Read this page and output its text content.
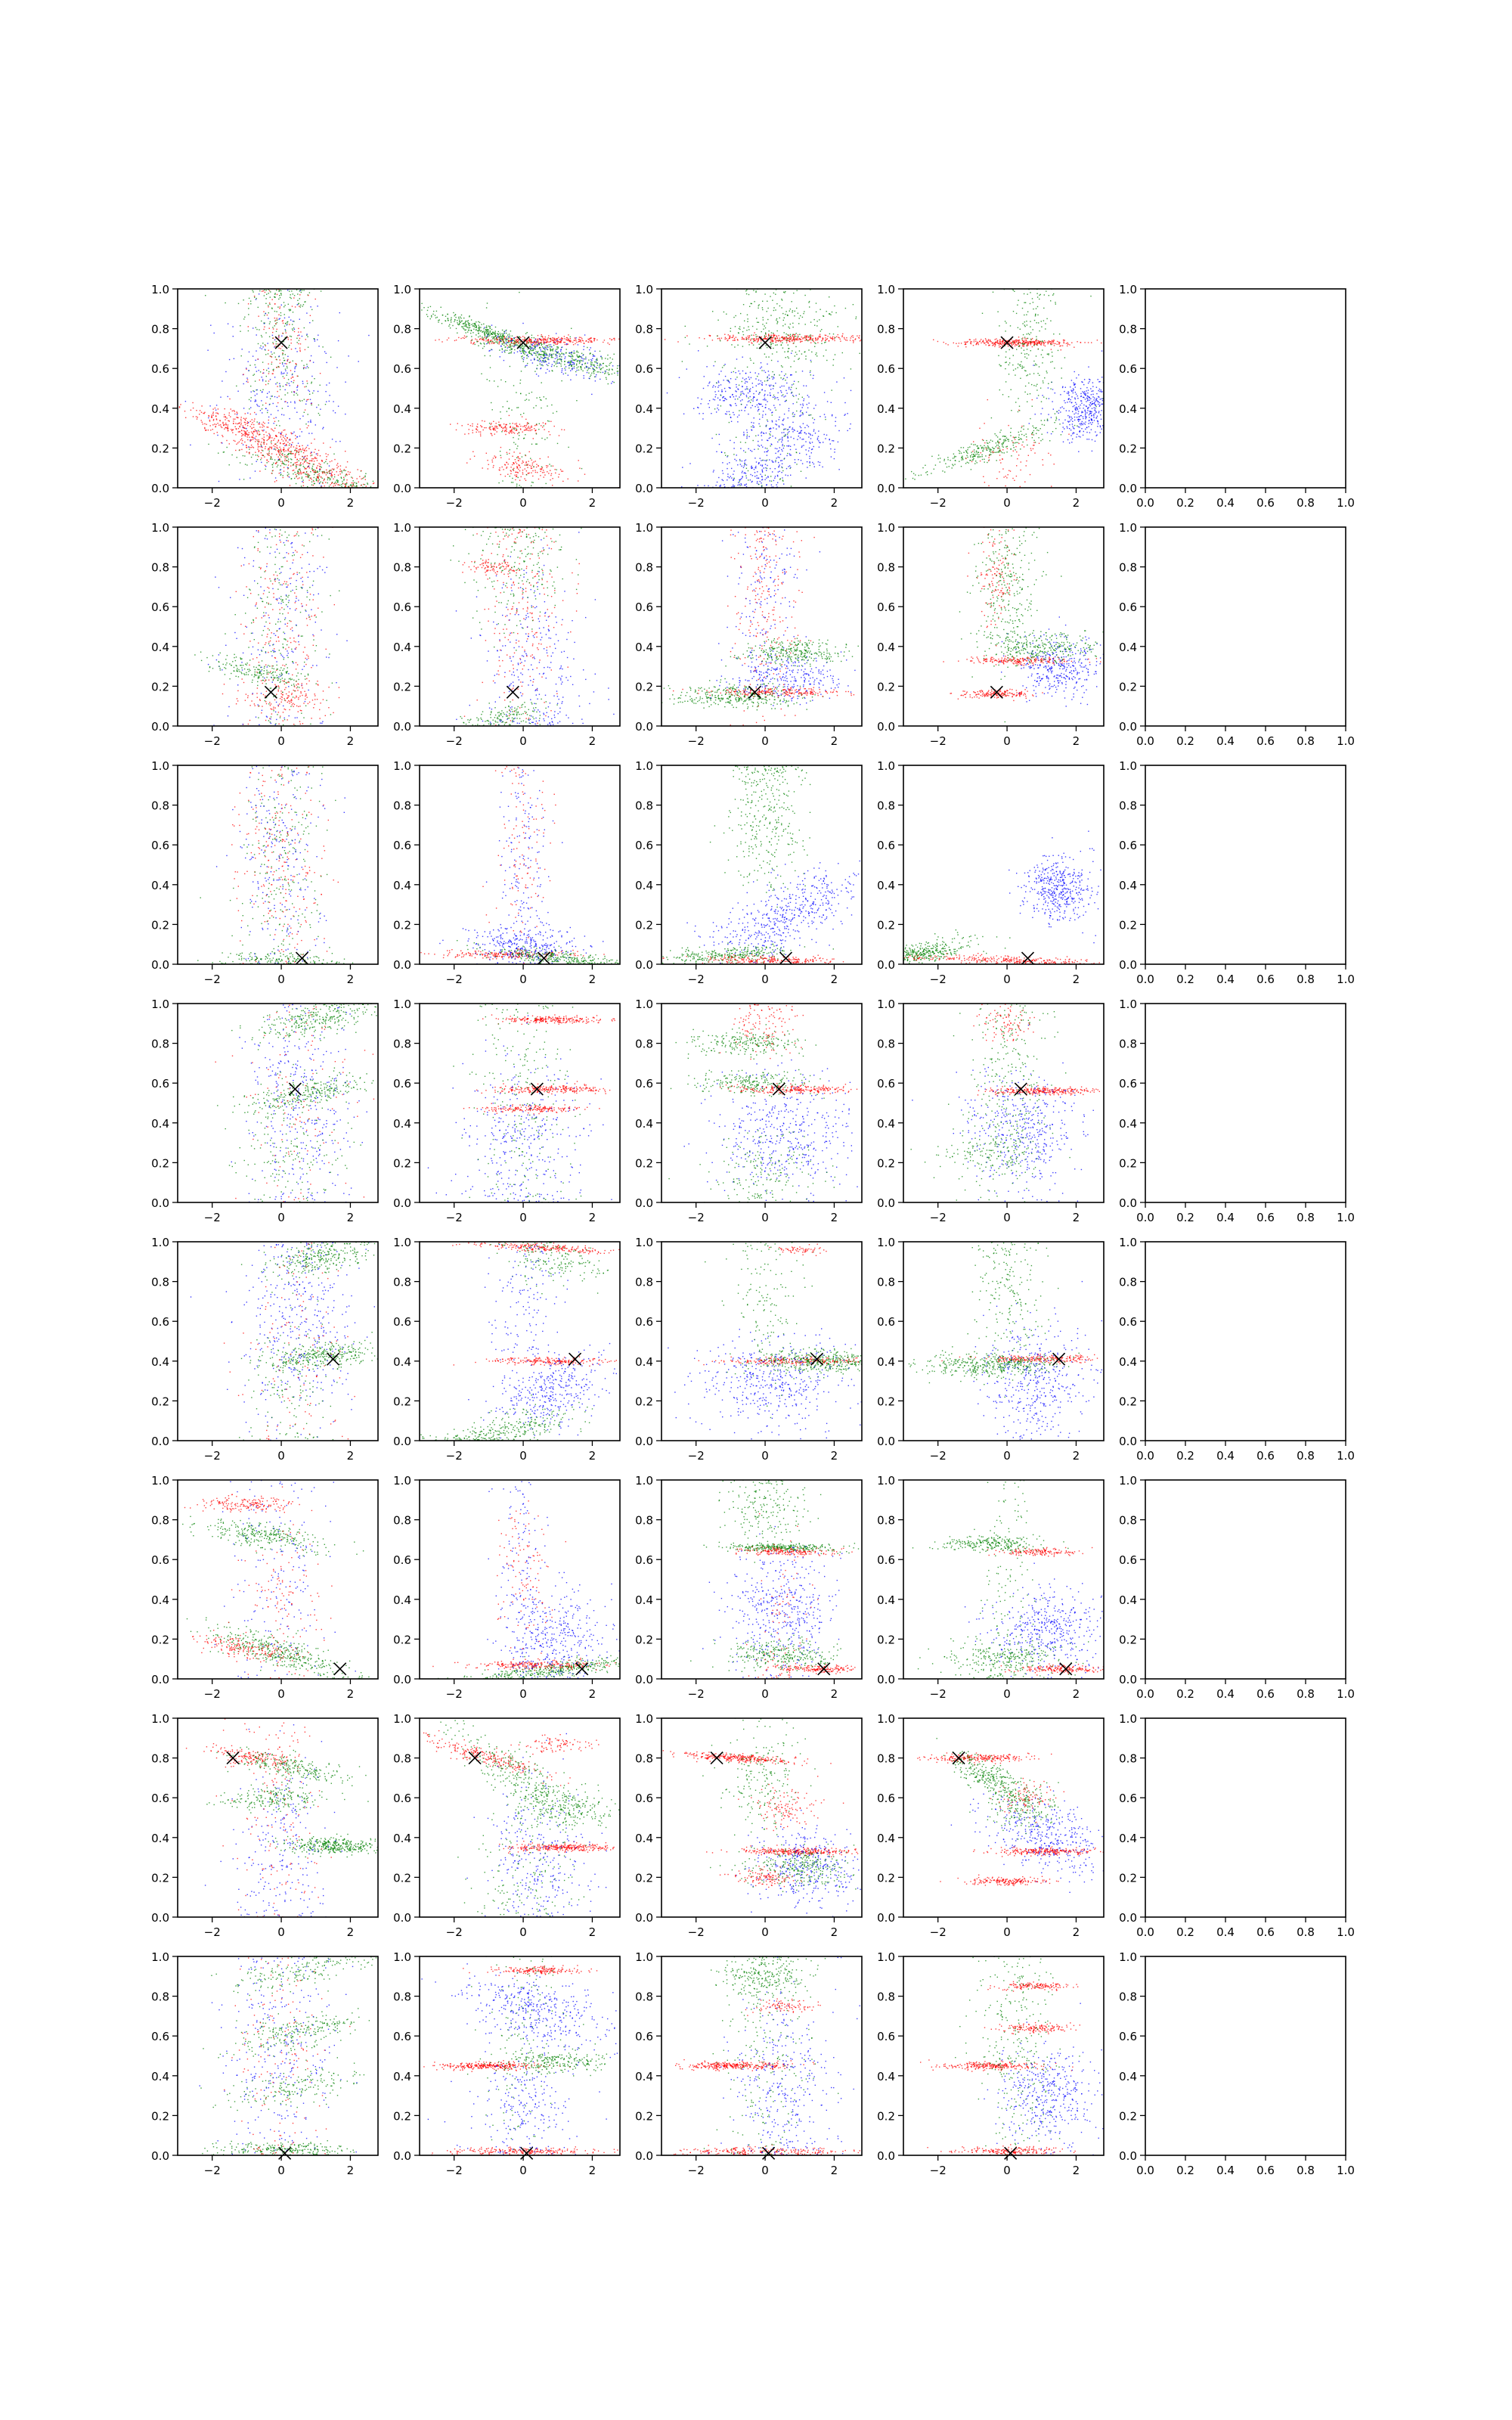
0.0
0.2
0.4
0.6
0.8
1.0
−2	0	2
0.0
0.2
0.4
0.6
0.8
1.0
−2	0	2
0.0
0.2
0.4
0.6
0.8
1.0
−2	0	2
0.0
0.2
0.4
0.6
0.8
1.0
−2	0	2
0.0
0.2
0.4
0.6
0.8
1.0
0.0 0.2 0.4 0.6 0.8 1.0
0.0
0.2
0.4
0.6
0.8
1.0
−2	0	2
0.0
0.2
0.4
0.6
0.8
1.0
−2	0	2
0.0
0.2
0.4
0.6
0.8
1.0
−2	0	2
0.0
0.2
0.4
0.6
0.8
1.0
−2	0	2
0.0
0.2
0.4
0.6
0.8
1.0
0.0 0.2 0.4 0.6 0.8 1.0
0.0
0.2
0.4
0.6
0.8
1.0
−2	0	2
0.0
0.2
0.4
0.6
0.8
1.0
−2	0	2
0.0
0.2
0.4
0.6
0.8
1.0
−2	0	2
0.0
0.2
0.4
0.6
0.8
1.0
−2	0	2
0.0
0.2
0.4
0.6
0.8
1.0
0.0 0.2 0.4 0.6 0.8 1.0
0.0
0.2
0.4
0.6
0.8
1.0
−2	0	2
0.0
0.2
0.4
0.6
0.8
1.0
−2	0	2
0.0
0.2
0.4
0.6
0.8
1.0
−2	0	2
0.0
0.2
0.4
0.6
0.8
1.0
−2	0	2
0.0
0.2
0.4
0.6
0.8
1.0
0.0 0.2 0.4 0.6 0.8 1.0
0.0
0.2
0.4
0.6
0.8
1.0
−2	0	2
0.0
0.2
0.4
0.6
0.8
1.0
−2	0	2
0.0
0.2
0.4
0.6
0.8
1.0
−2	0	2
0.0
0.2
0.4
0.6
0.8
1.0
−2	0	2
0.0
0.2
0.4
0.6
0.8
1.0
0.0 0.2 0.4 0.6 0.8 1.0
0.0
0.2
0.4
0.6
0.8
1.0
−2	0	2
0.0
0.2
0.4
0.6
0.8
1.0
−2	0	2
0.0
0.2
0.4
0.6
0.8
1.0
−2	0	2
0.0
0.2
0.4
0.6
0.8
1.0
−2	0	2
0.0
0.2
0.4
0.6
0.8
1.0
0.0 0.2 0.4 0.6 0.8 1.0
0.0
0.2
0.4
0.6
0.8
1.0
−2	0	2
0.0
0.2
0.4
0.6
0.8
1.0
−2	0	2
0.0
0.2
0.4
0.6
0.8
1.0
−2	0	2
0.0
0.2
0.4
0.6
0.8
1.0
−2	0	2
0.0
0.2
0.4
0.6
0.8
1.0
0.0 0.2 0.4 0.6 0.8 1.0
0.0
0.2
0.4
0.6
0.8
1.0
−2	0	2
0.0
0.2
0.4
0.6
0.8
1.0
−2	0	2
0.0
0.2
0.4
0.6
0.8
1.0
−2	0	2
0.0
0.2
0.4
0.6
0.8
1.0
−2	0	2
0.0
0.2
0.4
0.6
0.8
1.0
0.0 0.2 0.4 0.6 0.8 1.0
